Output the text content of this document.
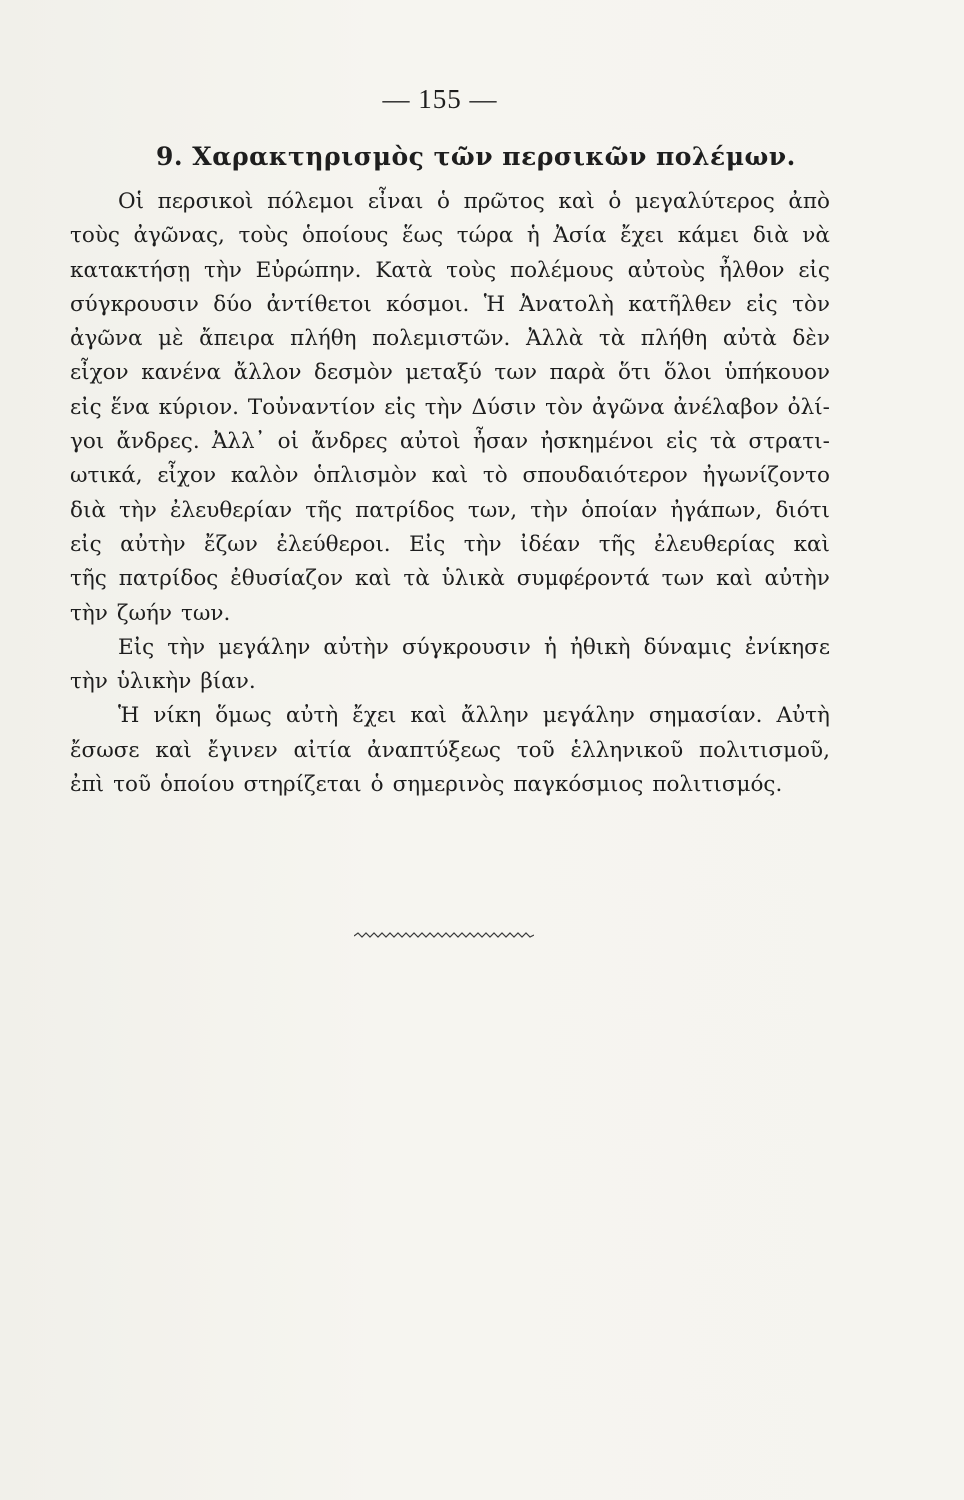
— 155 —
9. Χαρακτηρισμὸς τῶν περσικῶν πολέμων.
Οἱ περσικοὶ πόλεμοι εἶναι ὁ πρῶτος καὶ ὁ μεγαλύτερος ἀπὸ
τοὺς ἀγῶνας, τοὺς ὁποίους ἕως τώρα ἡ Ἀσία ἔχει κάμει διὰ νὰ
κατακτήσῃ τὴν Εὐρώπην. Κατὰ τοὺς πολέμους αὐτοὺς ἦλθον εἰς
σύγκρουσιν δύο ἀντίθετοι κόσμοι. Ἡ Ἀνατολὴ κατῆλθεν εἰς τὸν
ἀγῶνα μὲ ἄπειρα πλήθη πολεμιστῶν. Ἀλλὰ τὰ πλήθη αὐτὰ δὲν
εἶχον κανένα ἄλλον δεσμὸν μεταξύ των παρὰ ὅτι ὅλοι ὑπήκουον
εἰς ἕνα κύριον. Τοὐναντίον εἰς τὴν Δύσιν τὸν ἀγῶνα ἀνέλαβον ὀλί-
γοι ἄνδρες. Ἀλλ᾽ οἱ ἄνδρες αὐτοὶ ἦσαν ἠσκημένοι εἰς τὰ στρατι-
ωτικά, εἶχον καλὸν ὁπλισμὸν καὶ τὸ σπουδαιότερον ἠγωνίζοντο
διὰ τὴν ἐλευθερίαν τῆς πατρίδος των, τὴν ὁποίαν ἠγάπων, διότι
εἰς αὐτὴν ἔζων ἐλεύθεροι. Εἰς τὴν ἰδέαν τῆς ἐλευθερίας καὶ
τῆς πατρίδος ἐθυσίαζον καὶ τὰ ὑλικὰ συμφέροντά των καὶ αὐτὴν
τὴν ζωήν των.
Εἰς τὴν μεγάλην αὐτὴν σύγκρουσιν ἡ ἠθικὴ δύναμις ἐνίκησε
τὴν ὑλικὴν βίαν.
Ἡ νίκη ὅμως αὐτὴ ἔχει καὶ ἄλλην μεγάλην σημασίαν. Αὐτὴ
ἔσωσε καὶ ἔγινεν αἰτία ἀναπτύξεως τοῦ ἑλληνικοῦ πολιτισμοῦ,
ἐπὶ τοῦ ὁποίου στηρίζεται ὁ σημερινὸς παγκόσμιος πολιτισμός.
